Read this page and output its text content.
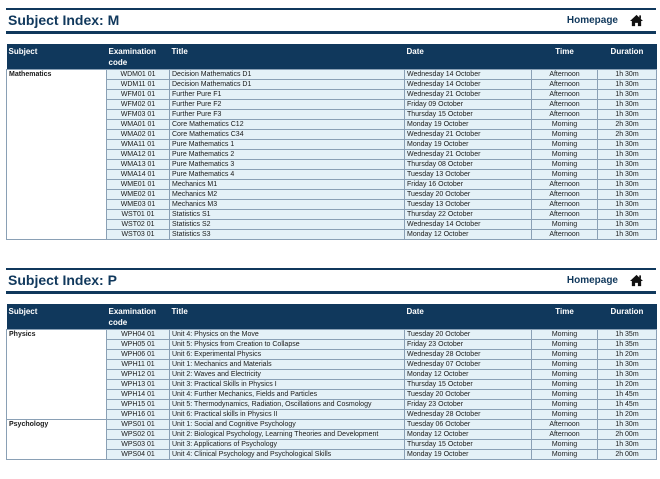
Subject Index: M	Homepage
Subject	Examination code	Title	Date	Time	Duration
Mathematics	WDM01 01	Decision Mathematics D1	Wednesday 14 October	Afternoon	1h 30m
	WDM11 01	Decision Mathematics D1	Wednesday 14 October	Afternoon	1h 30m
	WFM01 01	Further Pure F1	Wednesday 21 October	Afternoon	1h 30m
	WFM02 01	Further Pure F2	Friday 09 October	Afternoon	1h 30m
	WFM03 01	Further Pure F3	Thursday 15 October	Afternoon	1h 30m
	WMA01 01	Core Mathematics C12	Monday 19 October	Morning	2h 30m
	WMA02 01	Core Mathematics C34	Wednesday 21 October	Morning	2h 30m
	WMA11 01	Pure Mathematics 1	Monday 19 October	Morning	1h 30m
	WMA12 01	Pure Mathematics 2	Wednesday 21 October	Morning	1h 30m
	WMA13 01	Pure Mathematics 3	Thursday 08 October	Morning	1h 30m
	WMA14 01	Pure Mathematics 4	Tuesday 13 October	Morning	1h 30m
	WME01 01	Mechanics M1	Friday 16 October	Afternoon	1h 30m
	WME02 01	Mechanics M2	Tuesday 20 October	Afternoon	1h 30m
	WME03 01	Mechanics M3	Tuesday 13 October	Afternoon	1h 30m
	WST01 01	Statistics S1	Thursday 22 October	Afternoon	1h 30m
	WST02 01	Statistics S2	Wednesday 14 October	Morning	1h 30m
	WST03 01	Statistics S3	Monday 12 October	Afternoon	1h 30m
Subject Index: P	Homepage
Subject	Examination code	Title	Date	Time	Duration
Physics	WPH04 01	Unit 4: Physics on the Move	Tuesday 20 October	Morning	1h 35m
	WPH05 01	Unit 5: Physics from Creation to Collapse	Friday 23 October	Morning	1h 35m
	WPH06 01	Unit 6: Experimental Physics	Wednesday 28 October	Morning	1h 20m
	WPH11 01	Unit 1: Mechanics and Materials	Wednesday 07 October	Morning	1h 30m
	WPH12 01	Unit 2: Waves and Electricity	Monday 12 October	Morning	1h 30m
	WPH13 01	Unit 3: Practical Skills in Physics I	Thursday 15 October	Morning	1h 20m
	WPH14 01	Unit 4: Further Mechanics, Fields and Particles	Tuesday 20 October	Morning	1h 45m
	WPH15 01	Unit 5: Thermodynamics, Radiation, Oscillations and Cosmology	Friday 23 October	Morning	1h 45m
	WPH16 01	Unit 6: Practical skills in Physics II	Wednesday 28 October	Morning	1h 20m
Psychology	WPS01 01	Unit 1: Social and Cognitive Psychology	Tuesday 06 October	Afternoon	1h 30m
	WPS02 01	Unit 2: Biological Psychology, Learning Theories and Development	Monday 12 October	Afternoon	2h 00m
	WPS03 01	Unit 3: Applications of Psychology	Thursday 15 October	Morning	1h 30m
	WPS04 01	Unit 4: Clinical Psychology and Psychological Skills	Monday 19 October	Morning	2h 00m
